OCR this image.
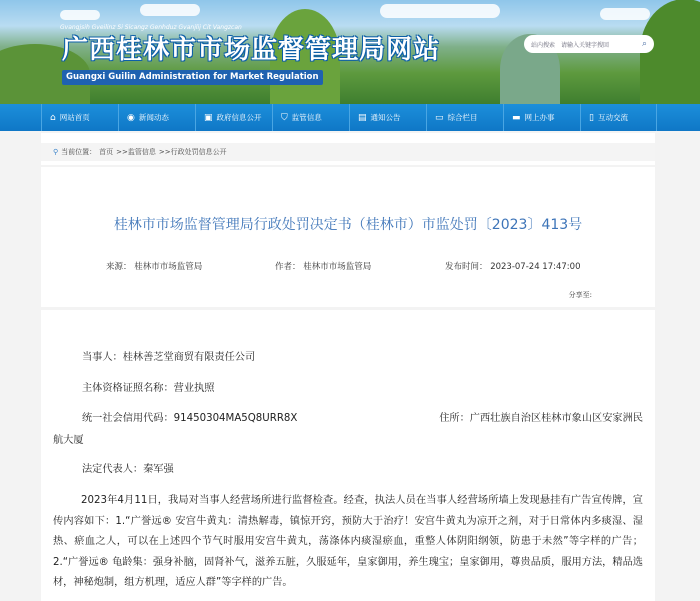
Gvangjsih Gveilinz Si Sicangz Genhduz Gvanjlij Cit Vangzcan
广西桂林市市场监督管理局网站
Guangxi Guilin Administration for Market Regulation
站内搜索 请输入关键字搜回	⌕
⌂ 网站首页	◉ 新闻动态	▣ 政府信息公开 ⛉ 监管信息	▤ 通知公告	▭ 综合栏目	▬ 网上办事	▯ 互动交流
⚲ 当前位置： 首页 >>监管信息 >>行政处罚信息公开
桂林市市场监督管理局行政处罚决定书（桂林市）市监处罚〔2023〕413号
来源： 桂林市市场监管局	作者： 桂林市市场监管局	发布时间： 2023-07-24 17:47:00
分享至:
当事人：桂林善芝堂商贸有限责任公司
主体资格证照名称：营业执照
统一社会信用代码：91450304MA5Q8URR8X	住所：广西壮族自治区桂林市象山区安家洲民
航大厦
法定代表人：秦军强
2023年4月11日，我局对当事人经营场所进行监督检查。经查，执法人员在当事人经营场所墙上发现悬挂有广告宣传牌，宣传内容如下：1.“广誉远® 安宫牛黄丸：清热解毒，镇惊开窍，预防大于治疗！安宫牛黄丸为凉开之剂，对于日常体内多痰湿、湿热、瘀血之人，可以在上述四个节气时服用安宫牛黄丸，荡涤体内痰湿瘀血，重整人体阴阳纲领，防患于未然”等字样的广告；2.“广誉远® 龟龄集：强身补脑，固肾补气，滋养五脏，久服延年，皇家御用，养生瑰宝；皇家御用，尊贵品质，服用方法，精品选材，神秘炮制，组方机理，适应人群”等字样的广告。
